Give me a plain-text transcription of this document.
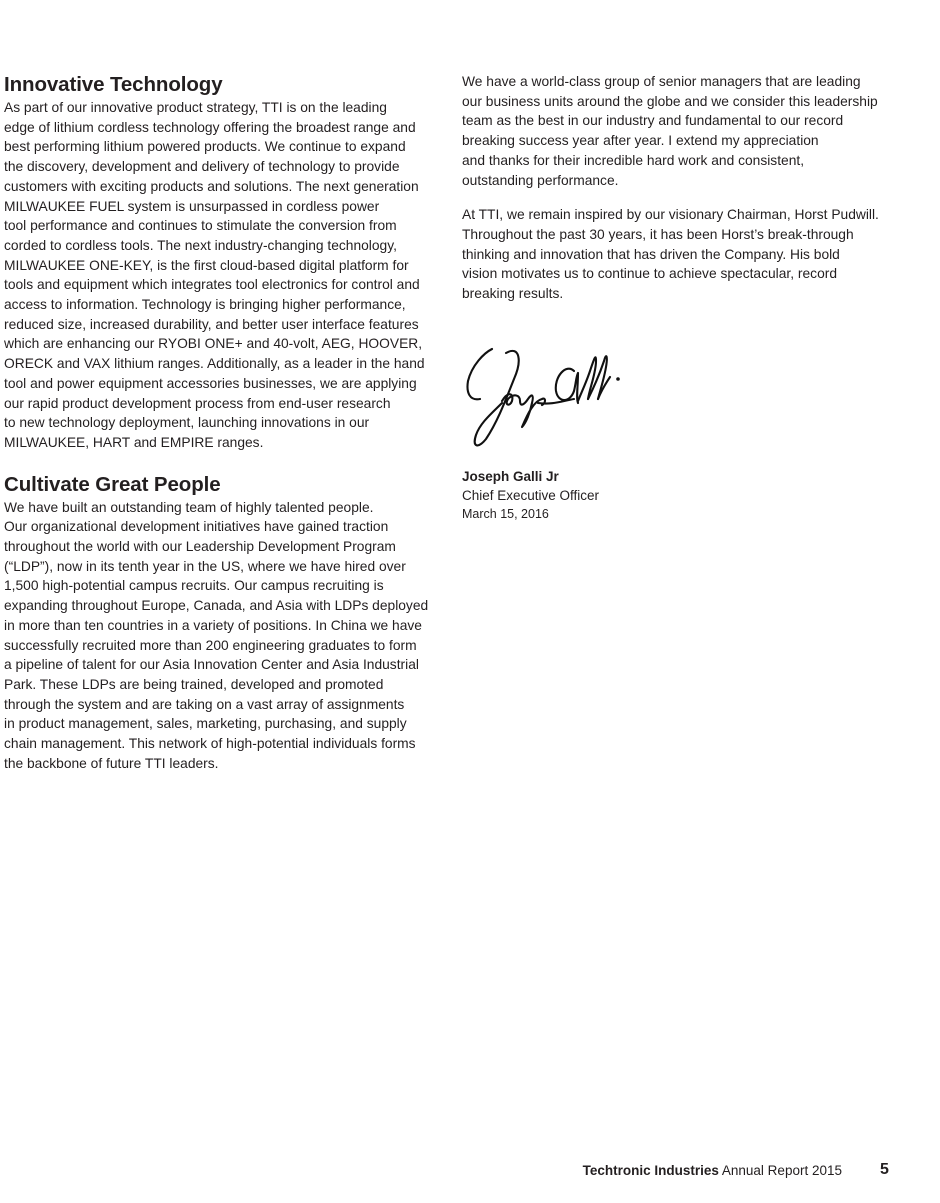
Innovative Technology
As part of our innovative product strategy, TTI is on the leading
edge of lithium cordless technology offering the broadest range and
best performing lithium powered products. We continue to expand
the discovery, development and delivery of technology to provide
customers with exciting products and solutions. The next generation
MILWAUKEE FUEL system is unsurpassed in cordless power
tool performance and continues to stimulate the conversion from
corded to cordless tools. The next industry-changing technology,
MILWAUKEE ONE-KEY, is the first cloud-based digital platform for
tools and equipment which integrates tool electronics for control and
access to information. Technology is bringing higher performance,
reduced size, increased durability, and better user interface features
which are enhancing our RYOBI ONE+ and 40-volt, AEG, HOOVER,
ORECK and VAX lithium ranges. Additionally, as a leader in the hand
tool and power equipment accessories businesses, we are applying
our rapid product development process from end-user research
to new technology deployment, launching innovations in our
MILWAUKEE, HART and EMPIRE ranges.
Cultivate Great People
We have built an outstanding team of highly talented people.
Our organizational development initiatives have gained traction
throughout the world with our Leadership Development Program
(“LDP”), now in its tenth year in the US, where we have hired over
1,500 high-potential campus recruits. Our campus recruiting is
expanding throughout Europe, Canada, and Asia with LDPs deployed
in more than ten countries in a variety of positions. In China we have
successfully recruited more than 200 engineering graduates to form
a pipeline of talent for our Asia Innovation Center and Asia Industrial
Park. These LDPs are being trained, developed and promoted
through the system and are taking on a vast array of assignments
in product management, sales, marketing, purchasing, and supply
chain management. This network of high-potential individuals forms
the backbone of future TTI leaders.
We have a world-class group of senior managers that are leading
our business units around the globe and we consider this leadership
team as the best in our industry and fundamental to our record
breaking success year after year. I extend my appreciation
and thanks for their incredible hard work and consistent,
outstanding performance.
At TTI, we remain inspired by our visionary Chairman, Horst Pudwill.
Throughout the past 30 years, it has been Horst’s break-through
thinking and innovation that has driven the Company. His bold
vision motivates us to continue to achieve spectacular, record
breaking results.
Joseph Galli Jr
Chief Executive Officer
March 15, 2016
Techtronic Industries Annual Report 2015 5
